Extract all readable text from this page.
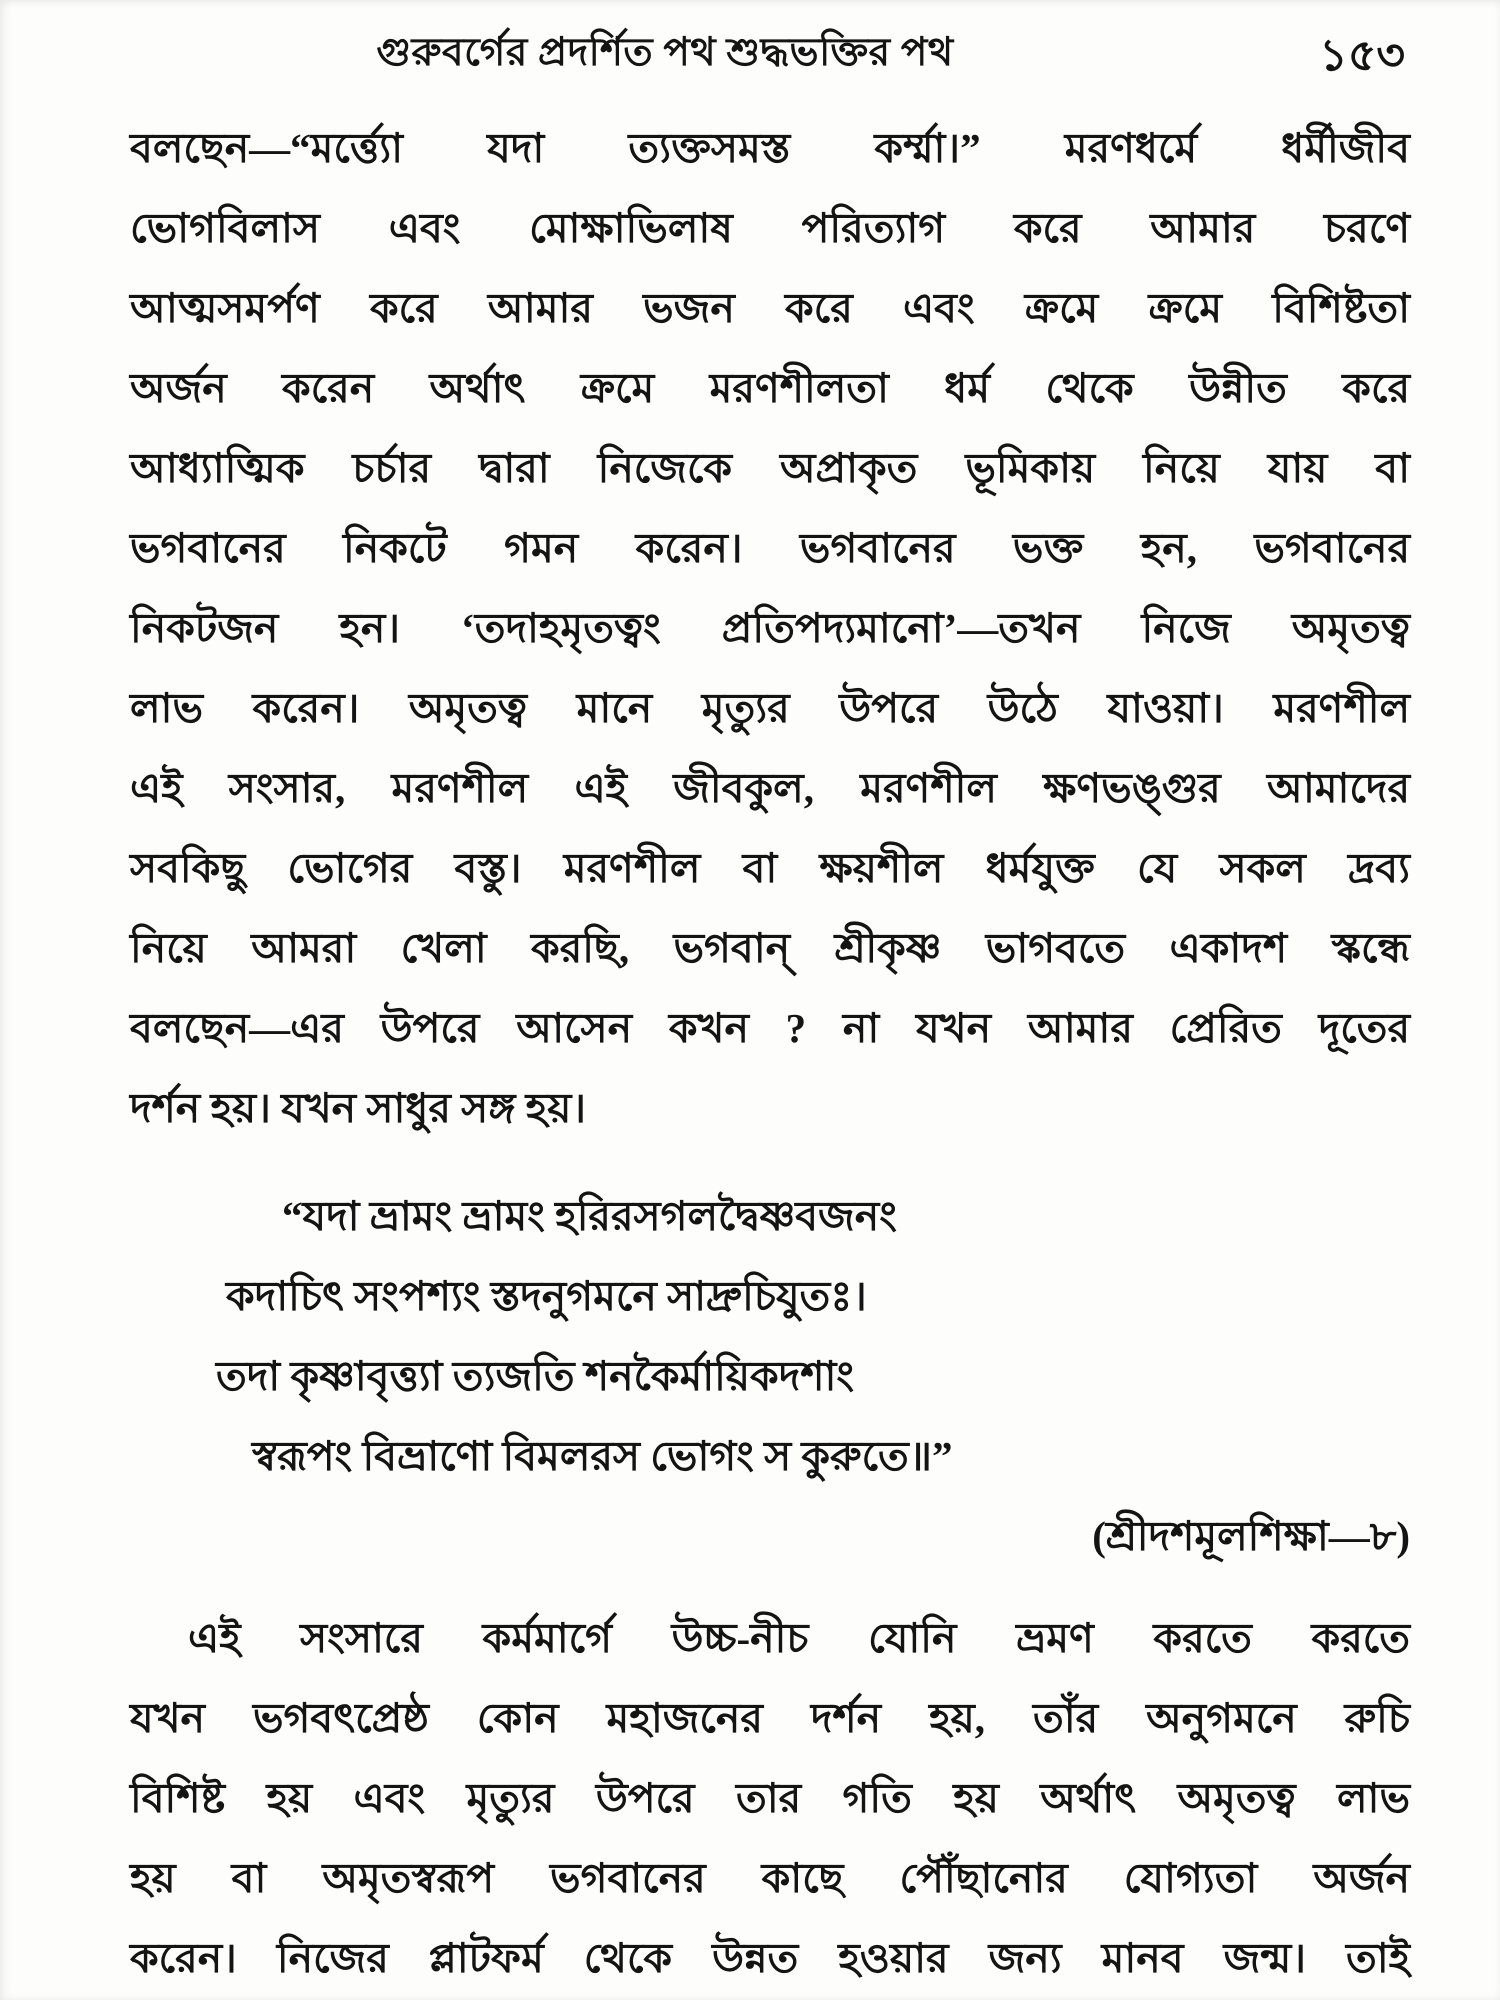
গুরুবর্গের প্রদর্শিত পথ শুদ্ধভক্তির পথ	১৫৩
বলছেন—“মর্ত্ত্যো যদা ত্যক্তসমস্ত কর্ম্মা।” মরণধর্মে ধর্মীজীব
ভোগবিলাস এবং মোক্ষাভিলাষ পরিত্যাগ করে আমার চরণে
আত্মসমর্পণ করে আমার ভজন করে এবং ক্রমে ক্রমে বিশিষ্টতা
অর্জন করেন অর্থাৎ ক্রমে মরণশীলতা ধর্ম থেকে উন্নীত করে
আধ্যাত্মিক চর্চার দ্বারা নিজেকে অপ্রাকৃত ভূমিকায় নিয়ে যায় বা
ভগবানের নিকটে গমন করেন। ভগবানের ভক্ত হন, ভগবানের
নিকটজন হন। ‘তদাহমৃতত্বং প্রতিপদ্যমানো’—তখন নিজে অমৃতত্ব
লাভ করেন। অমৃতত্ব মানে মৃত্যুর উপরে উঠে যাওয়া। মরণশীল
এই সংসার, মরণশীল এই জীবকুল, মরণশীল ক্ষণভঙ্গুর আমাদের
সবকিছু ভোগের বস্তু। মরণশীল বা ক্ষয়শীল ধর্মযুক্ত যে সকল দ্রব্য
নিয়ে আমরা খেলা করছি, ভগবান্ শ্রীকৃষ্ণ ভাগবতে একাদশ স্কন্ধে
বলছেন—এর উপরে আসেন কখন ? না যখন আমার প্রেরিত দূতের
দর্শন হয়। যখন সাধুর সঙ্গ হয়।
“যদা ভ্রামং ভ্রামং হরিরসগলদ্বৈষ্ণবজনং
কদাচিৎ সংপশ্যং স্তদনুগমনে সাদ্রুচিযুতঃ।
তদা কৃষ্ণাবৃত্ত্যা ত্যজতি শনকৈর্মায়িকদশাং
স্বরূপং বিভ্রাণো বিমলরস ভোগং স কুরুতে॥”
(শ্রীদশমূলশিক্ষা—৮)
এই সংসারে কর্মমার্গে উচ্চ-নীচ যোনি ভ্রমণ করতে করতে
যখন ভগবৎপ্রেষ্ঠ কোন মহাজনের দর্শন হয়, তাঁর অনুগমনে রুচি
বিশিষ্ট হয় এবং মৃত্যুর উপরে তার গতি হয় অর্থাৎ অমৃতত্ব লাভ
হয় বা অমৃতস্বরূপ ভগবানের কাছে পৌঁছানোর যোগ্যতা অর্জন
করেন। নিজের প্লাটফর্ম থেকে উন্নত হওয়ার জন্য মানব জন্ম। তাই
